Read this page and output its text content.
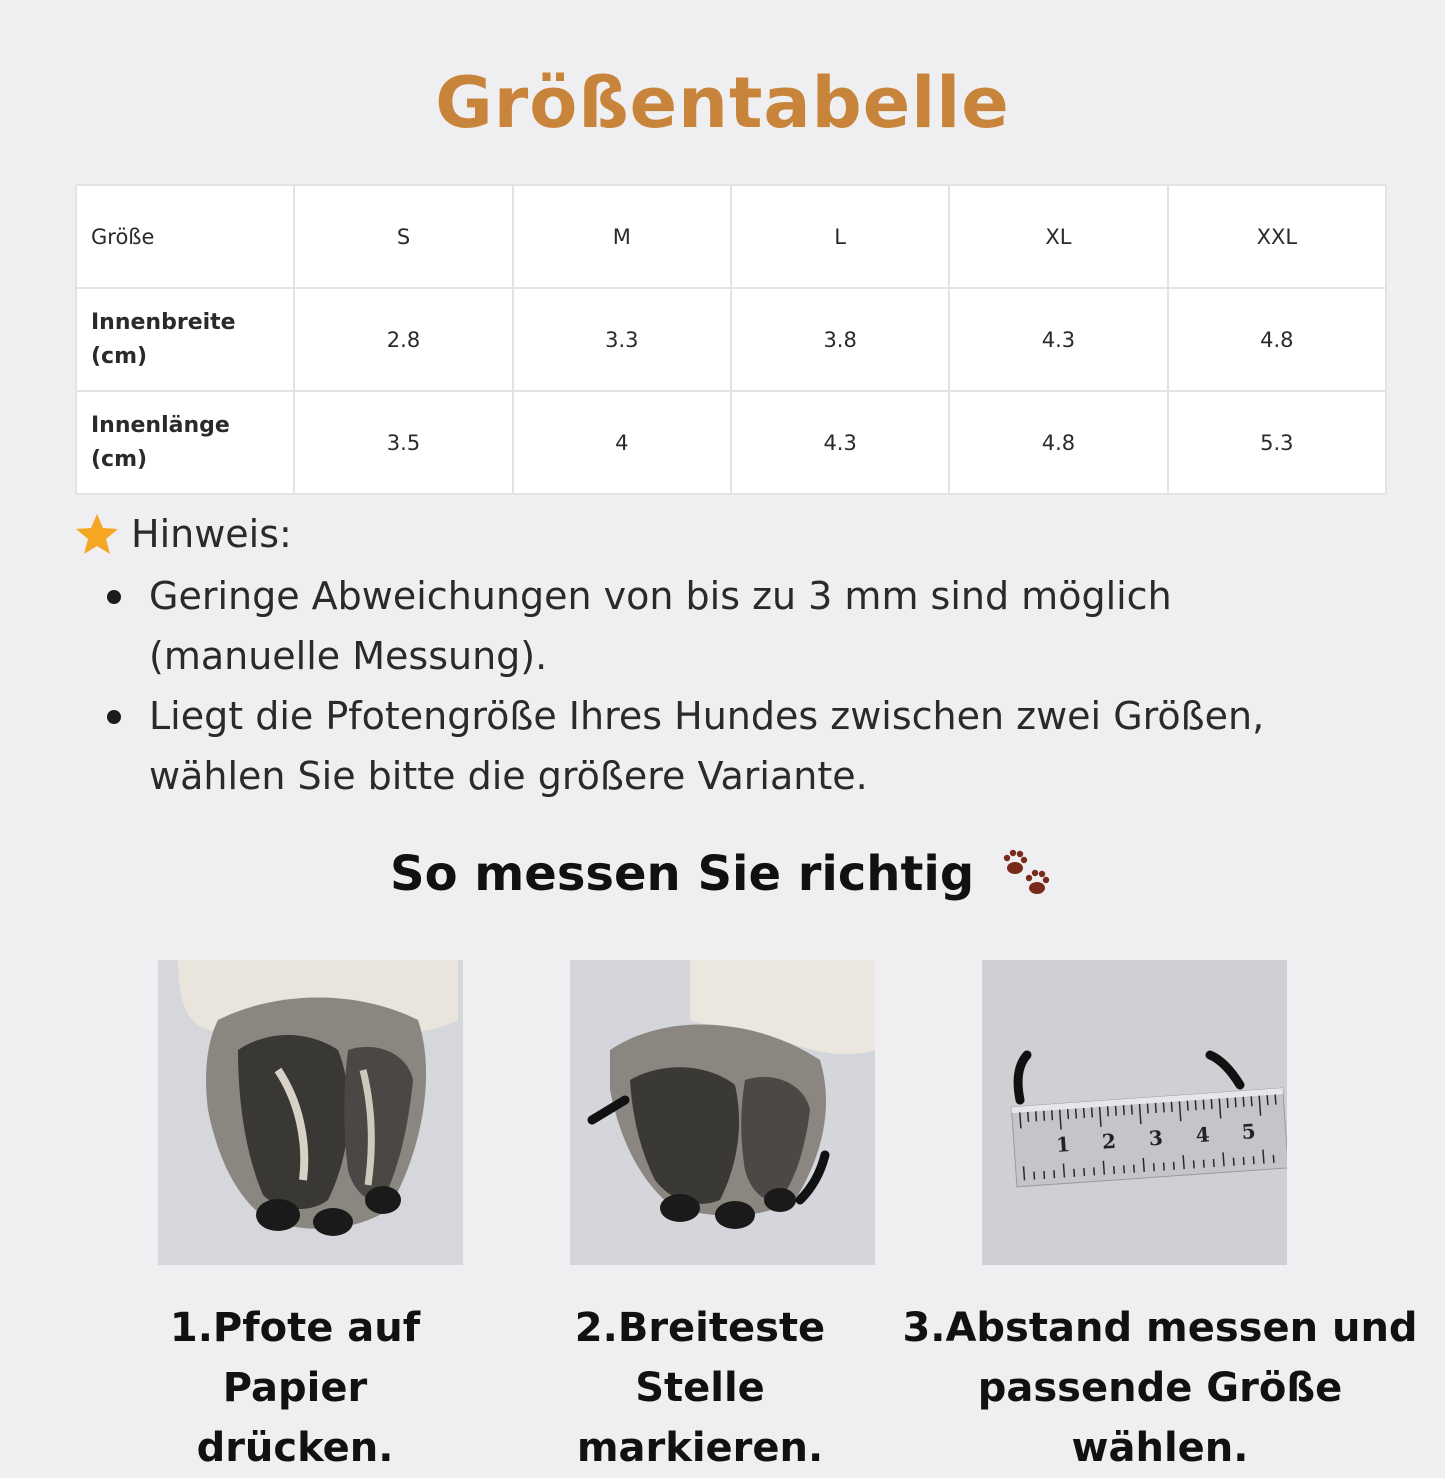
Größentabelle
Größe	S	M	L	XL	XXL
Innenbreite
(cm)	2.8	3.3	3.8	4.3	4.8
Innenlänge
(cm)	3.5	4	4.3	4.8	5.3
Hinweis:
Geringe Abweichungen von bis zu 3 mm sind möglich
(manuelle Messung).
Liegt die Pfotengröße Ihres Hundes zwischen zwei Größen,
wählen Sie bitte die größere Variante.
So messen Sie richtig
1 2 3 4 5
1.Pfote auf Papier
drücken.
2.Breiteste Stelle
markieren.
3.Abstand messen und
passende Größe wählen.
